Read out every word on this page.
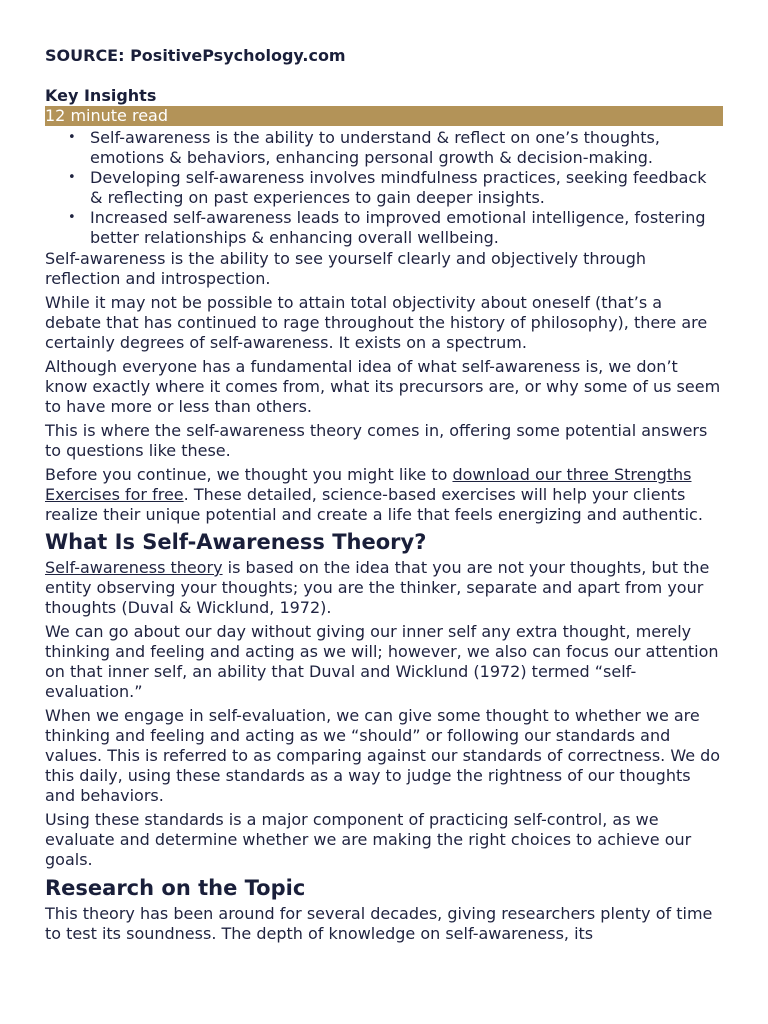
SOURCE: PositivePsychology.com
Key Insights
12 minute read
• Self-awareness is the ability to understand & reflect on one’s thoughts, emotions & behaviors, enhancing personal growth & decision-making.
• Developing self-awareness involves mindfulness practices, seeking feedback & reflecting on past experiences to gain deeper insights.
• Increased self-awareness leads to improved emotional intelligence, fostering better relationships & enhancing overall wellbeing.

Self-awareness is the ability to see yourself clearly and objectively through reflection and introspection.

While it may not be possible to attain total objectivity about oneself (that’s a debate that has continued to rage throughout the history of philosophy), there are certainly degrees of self-awareness. It exists on a spectrum.

Although everyone has a fundamental idea of what self-awareness is, we don’t know exactly where it comes from, what its precursors are, or why some of us seem to have more or less than others.

This is where the self-awareness theory comes in, offering some potential answers to questions like these.

Before you continue, we thought you might like to download our three Strengths Exercises for free. These detailed, science-based exercises will help your clients realize their unique potential and create a life that feels energizing and authentic.

What Is Self-Awareness Theory?

Self-awareness theory is based on the idea that you are not your thoughts, but the entity observing your thoughts; you are the thinker, separate and apart from your thoughts (Duval & Wicklund, 1972).

We can go about our day without giving our inner self any extra thought, merely thinking and feeling and acting as we will; however, we also can focus our attention on that inner self, an ability that Duval and Wicklund (1972) termed “self-evaluation.”

When we engage in self-evaluation, we can give some thought to whether we are thinking and feeling and acting as we “should” or following our standards and values. This is referred to as comparing against our standards of correctness. We do this daily, using these standards as a way to judge the rightness of our thoughts and behaviors.

Using these standards is a major component of practicing self-control, as we evaluate and determine whether we are making the right choices to achieve our goals.

Research on the Topic

This theory has been around for several decades, giving researchers plenty of time to test its soundness. The depth of knowledge on self-awareness, its
